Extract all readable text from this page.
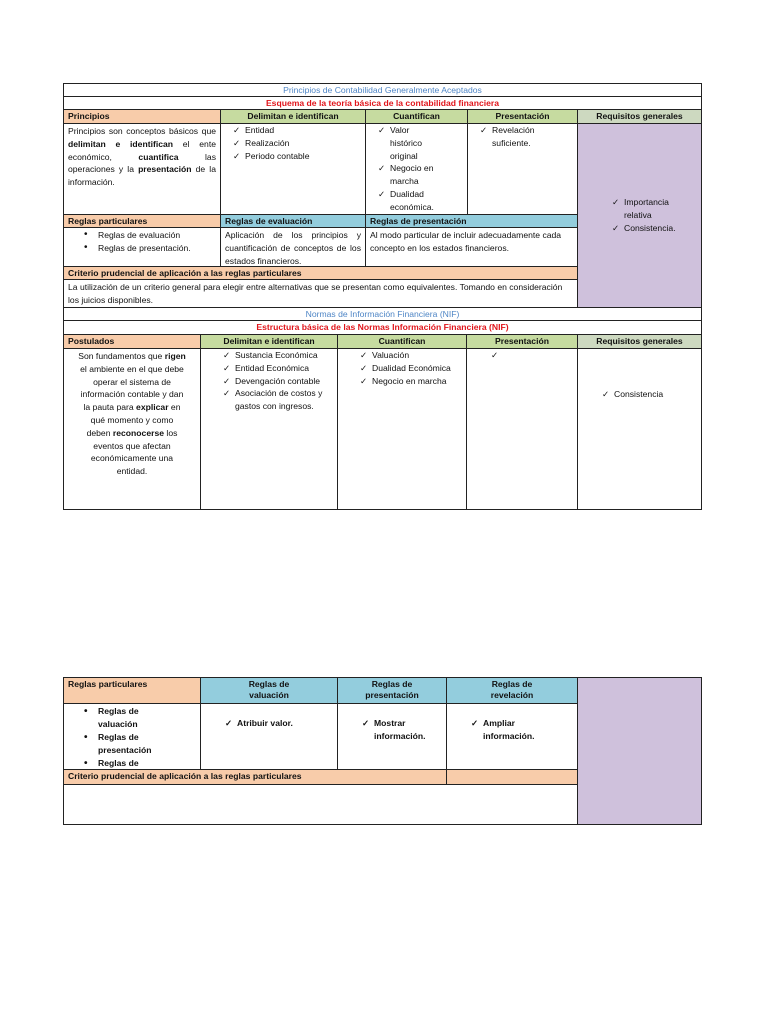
Principios de Contabilidad Generalmente Aceptados
Esquema de la teoría básica de la contabilidad financiera
Principios	Delimitan e identifican	Cuantifican	Presentación	Requisitos generales
Principios son conceptos básicos que delimitan e identifican el ente económico, cuantifica las operaciones y la presentación de la información.
✓ Entidad
✓ Realización
✓ Periodo contable
✓ Valor histórico original
✓ Negocio en marcha
✓ Dualidad económica.
✓ Revelación suficiente.
✓ Importancia relativa
✓ Consistencia.
Reglas particulares	Reglas de evaluación	Reglas de presentación
• Reglas de evaluación
• Reglas de presentación.
Aplicación de los principios y cuantificación de conceptos de los estados financieros.
Al modo particular de incluir adecuadamente cada concepto en los estados financieros.
Criterio prudencial de aplicación a las reglas particulares
La utilización de un criterio general para elegir entre alternativas que se presentan como equivalentes. Tomando en consideración los juicios disponibles.
Normas de Información Financiera (NIF)
Estructura básica de las Normas Información Financiera (NIF)
Postulados	Delimitan e identifican	Cuantifican	Presentación	Requisitos generales
Son fundamentos que rigen el ambiente en el que debe operar el sistema de información contable y dan la pauta para explicar en qué momento y como deben reconocerse los eventos que afectan económicamente una entidad.
✓ Sustancia Económica
✓ Entidad Económica
✓ Devengación contable
✓ Asociación de costos y gastos con ingresos.
✓ Valuación
✓ Dualidad Económica
✓ Negocio en marcha
✓ Consistencia
Reglas particulares	Reglas de valuación
Reglas de presentación
Reglas de revelación
• Reglas de valuación
• Reglas de presentación
• Reglas de
✓ Atribuir valor.
✓	Mostrar información.
✓ Ampliar información.
Criterio prudencial de aplicación a las reglas particulares
